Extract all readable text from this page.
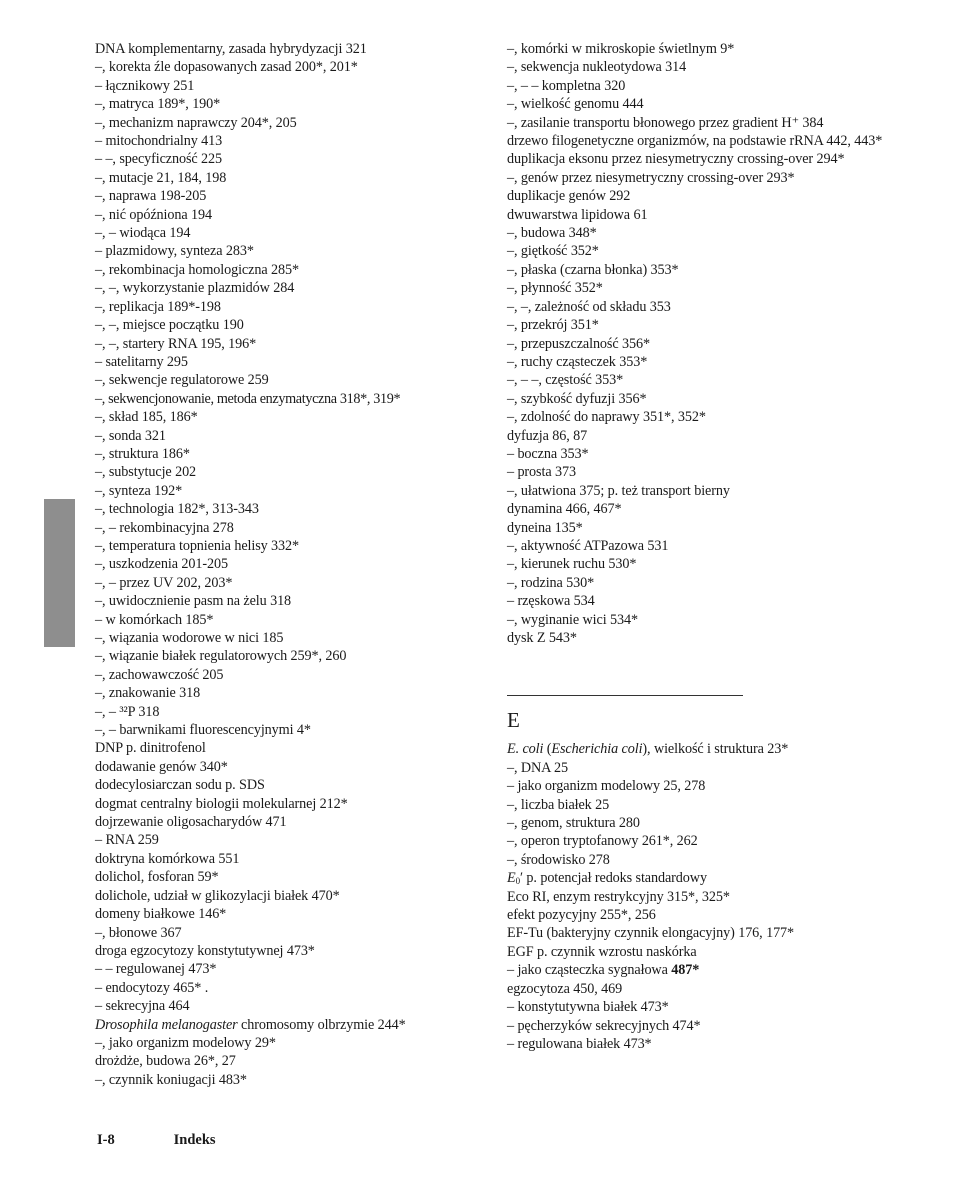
DNA komplementarny, zasada hybrydyzacji 321
–, korekta źle dopasowanych zasad 200*, 201*
– łącznikowy 251
–, matryca 189*, 190*
–, mechanizm naprawczy 204*, 205
– mitochondrialny 413
– –, specyficzność 225
–, mutacje 21, 184, 198
–, naprawa 198-205
–, nić opóźniona 194
–, – wiodąca 194
– plazmidowy, synteza 283*
–, rekombinacja homologiczna 285*
–, –, wykorzystanie plazmidów 284
–, replikacja 189*-198
–, –, miejsce początku 190
–, –, startery RNA 195, 196*
– satelitarny 295
–, sekwencje regulatorowe 259
–, sekwencjonowanie, metoda enzymatyczna 318*, 319*
–, skład 185, 186*
–, sonda 321
–, struktura 186*
–, substytucje 202
–, synteza 192*
–, technologia 182*, 313-343
–, – rekombinacyjna 278
–, temperatura topnienia helisy 332*
–, uszkodzenia 201-205
–, – przez UV 202, 203*
–, uwidocznienie pasm na żelu 318
– w komórkach 185*
–, wiązania wodorowe w nici 185
–, wiązanie białek regulatorowych 259*, 260
–, zachowawczość 205
–, znakowanie 318
–, – ³²P 318
–, – barwnikami fluorescencyjnymi 4*
DNP p. dinitrofenol
dodawanie genów 340*
dodecylosiarczan sodu p. SDS
dogmat centralny biologii molekularnej 212*
dojrzewanie oligosacharydów 471
– RNA 259
doktryna komórkowa 551
dolichol, fosforan 59*
dolichole, udział w glikozylacji białek 470*
domeny białkowe 146*
–, błonowe 367
droga egzocytozy konstytutywnej 473*
– – regulowanej 473*
– endocytozy 465* .
– sekrecyjna 464
Drosophila melanogaster chromosomy olbrzymie 244*
–, jako organizm modelowy 29*
drożdże, budowa 26*, 27
–, czynnik koniugacji 483*
–, komórki w mikroskopie świetlnym 9*
–, sekwencja nukleotydowa 314
–, – – kompletna 320
–, wielkość genomu 444
–, zasilanie transportu błonowego przez gradient H⁺ 384
drzewo filogenetyczne organizmów, na podstawie rRNA 442, 443*
duplikacja eksonu przez niesymetryczny crossing-over 294*
–, genów przez niesymetryczny crossing-over 293*
duplikacje genów 292
dwuwarstwa lipidowa 61
–, budowa 348*
–, giętkość 352*
–, płaska (czarna błonka) 353*
–, płynność 352*
–, –, zależność od składu 353
–, przekrój 351*
–, przepuszczalność 356*
–, ruchy cząsteczek 353*
–, – –, częstość 353*
–, szybkość dyfuzji 356*
–, zdolność do naprawy 351*, 352*
dyfuzja 86, 87
– boczna 353*
– prosta 373
–, ułatwiona 375; p. też transport bierny
dynamina 466, 467*
dyneina 135*
–, aktywność ATPazowa 531
–, kierunek ruchu 530*
–, rodzina 530*
– rzęskowa 534
–, wyginanie wici 534*
dysk Z 543*
E
E. coli (Escherichia coli), wielkość i struktura 23*
–, DNA 25
– jako organizm modelowy 25, 278
–, liczba białek 25
–, genom, struktura 280
–, operon tryptofanowy 261*, 262
–, środowisko 278
$E_0'$ p. potencjał redoks standardowy
Eco RI, enzym restrykcyjny 315*, 325*
efekt pozycyjny 255*, 256
EF-Tu (bakteryjny czynnik elongacyjny) 176, 177*
EGF p. czynnik wzrostu naskórka
– jako cząsteczka sygnałowa 487*
egzocytoza 450, 469
– konstytutywna białek 473*
– pęcherzyków sekrecyjnych 474*
– regulowana białek 473*
I-8	Indeks
